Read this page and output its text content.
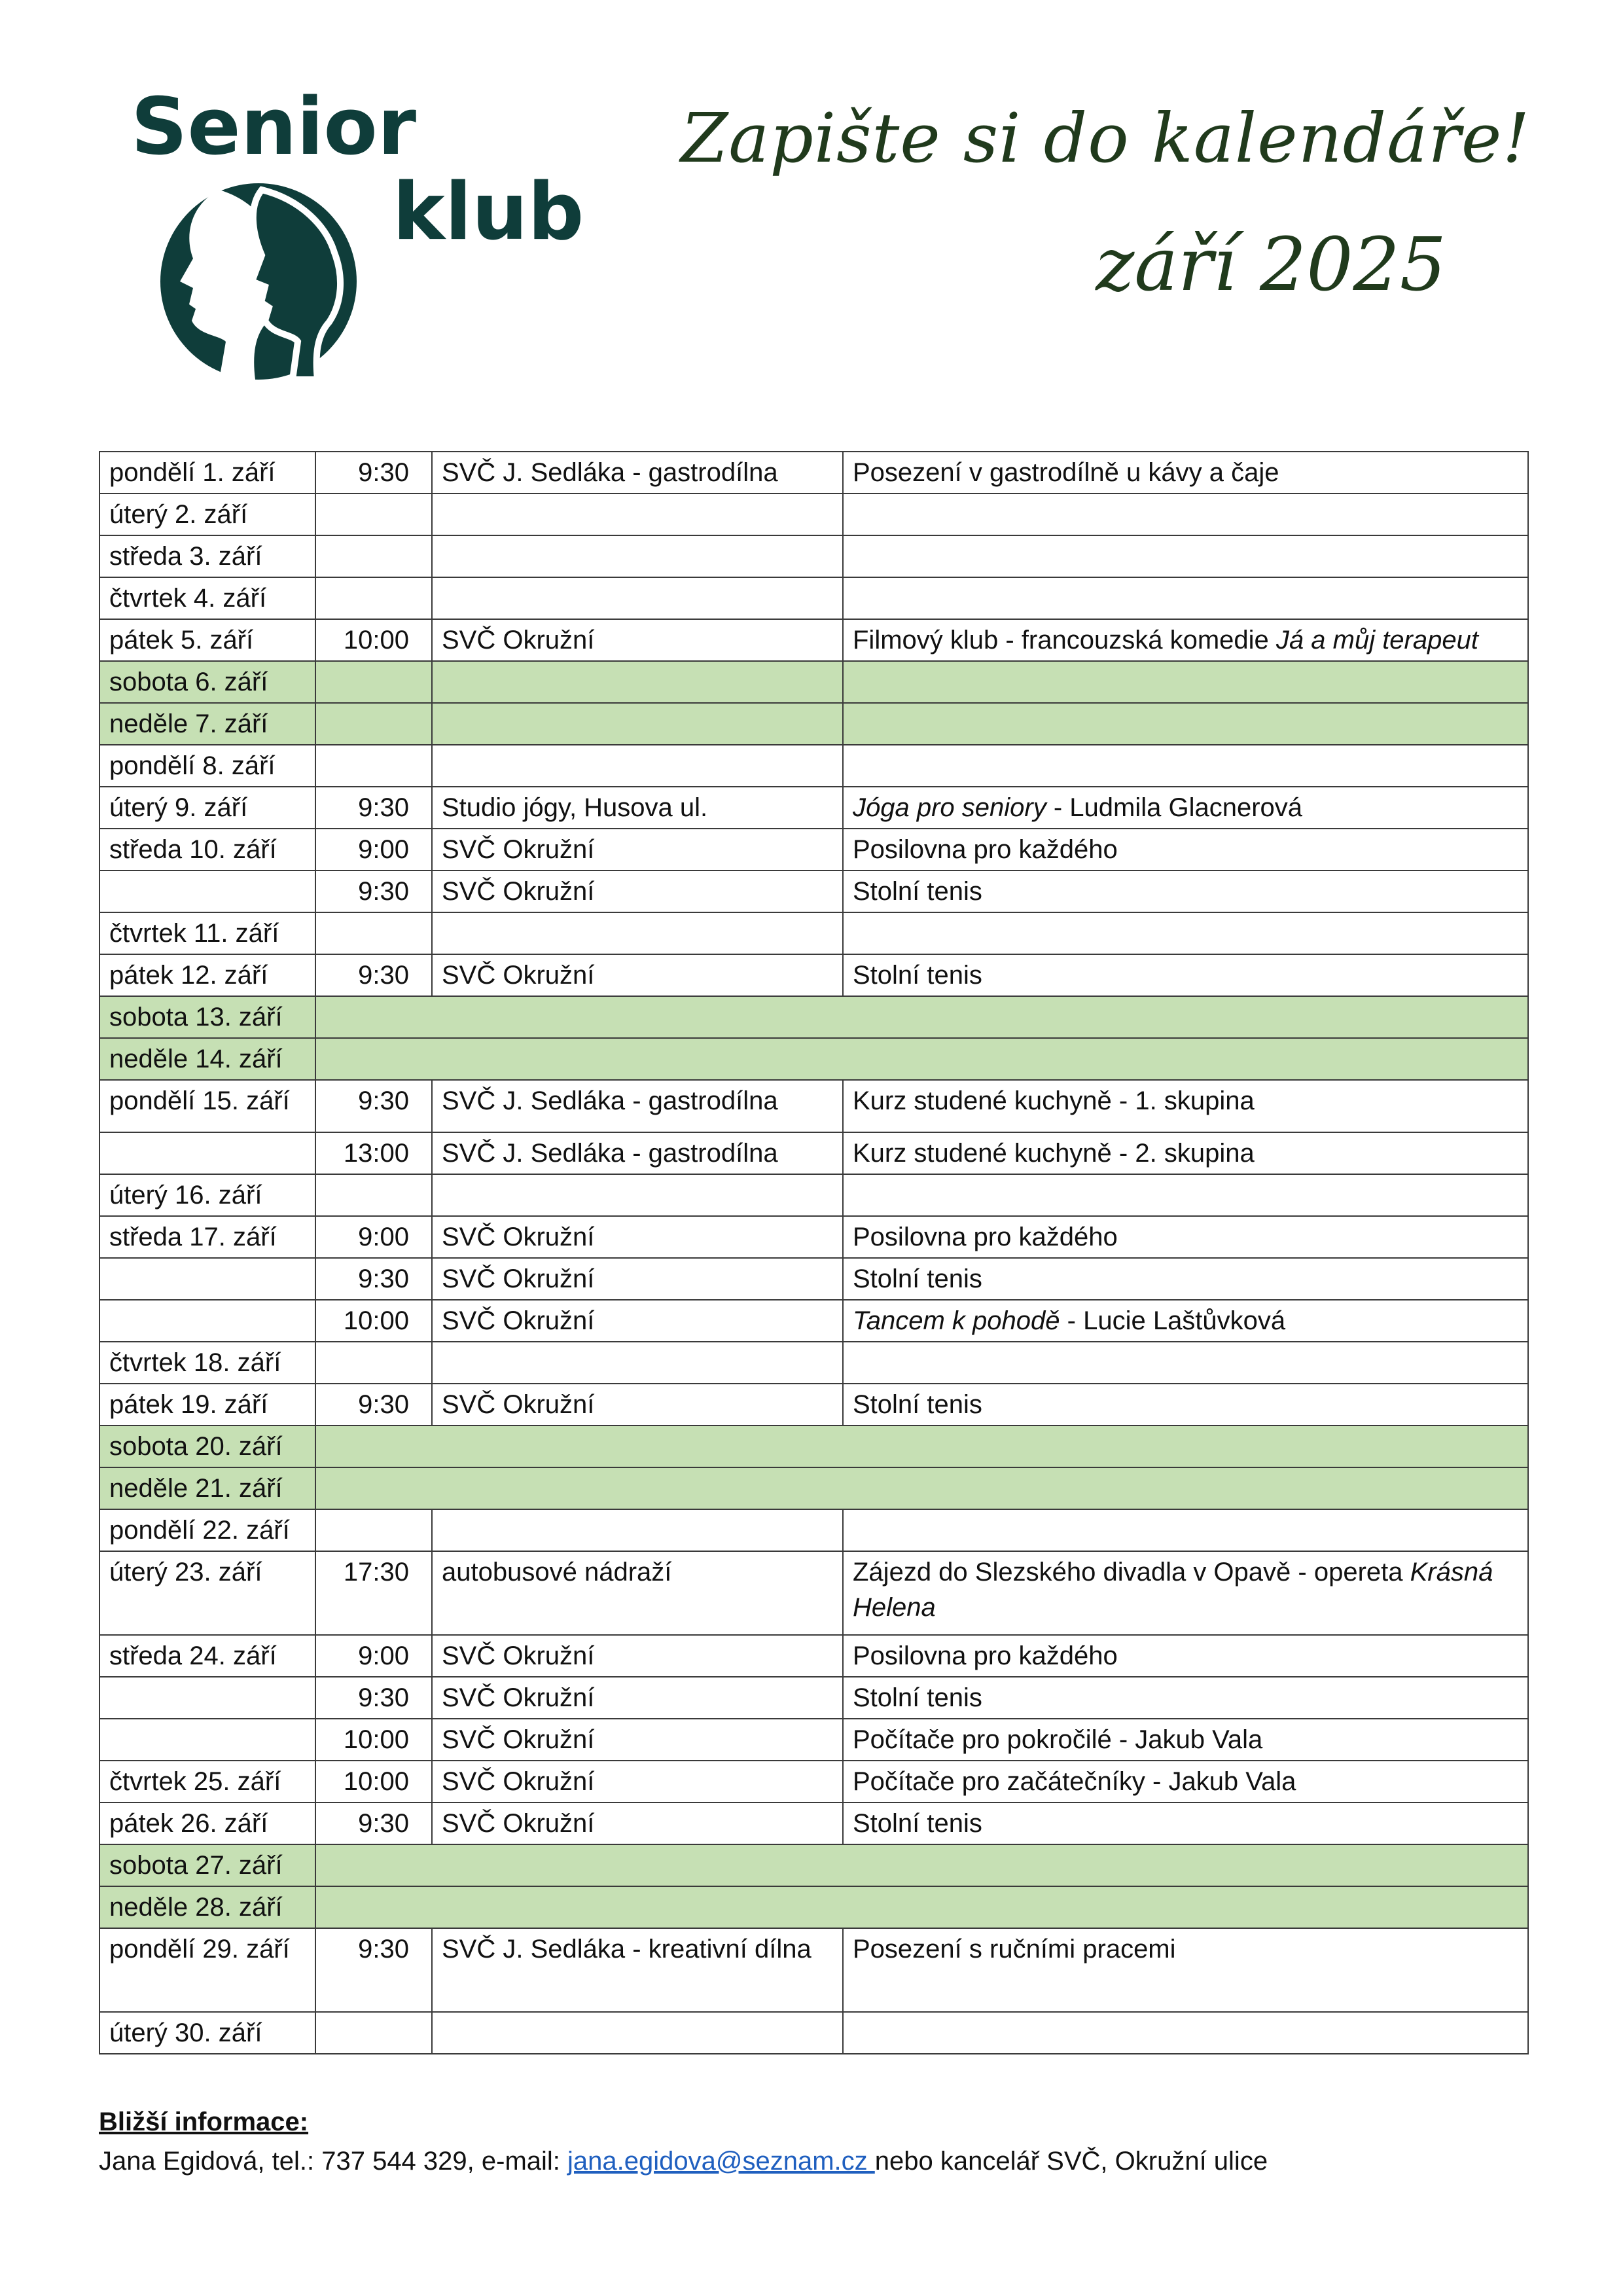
Senior
klub
Zapište si do kalendáře!
září 2025
pondělí 1. září	9:30	SVČ J. Sedláka - gastrodílna	Posezení v gastrodílně u kávy a čaje
úterý 2. září			
středa 3. září			
čtvrtek 4. září			
pátek 5. září	10:00	SVČ Okružní	Filmový klub - francouzská komedie Já a můj terapeut
sobota 6. září			
neděle 7. září			
pondělí 8. září			
úterý 9. září	9:30	Studio jógy, Husova ul.	Jóga pro seniory - Ludmila Glacnerová
středa 10. září	9:00	SVČ Okružní	Posilovna pro každého
	9:30	SVČ Okružní	Stolní tenis
čtvrtek 11. září			
pátek 12. září	9:30	SVČ Okružní	Stolní tenis
sobota 13. září			
neděle 14. září			
pondělí 15. září	9:30	SVČ J. Sedláka - gastrodílna	Kurz studené kuchyně - 1. skupina
	13:00	SVČ J. Sedláka - gastrodílna	Kurz studené kuchyně - 2. skupina
úterý 16. září			
středa 17. září	9:00	SVČ Okružní	Posilovna pro každého
	9:30	SVČ Okružní	Stolní tenis
	10:00	SVČ Okružní	Tancem k pohodě - Lucie Laštůvková
čtvrtek 18. září			
pátek 19. září	9:30	SVČ Okružní	Stolní tenis
sobota 20. září			
neděle 21. září			
pondělí 22. září			
úterý 23. září	17:30	autobusové nádraží	Zájezd do Slezského divadla v Opavě - opereta Krásná Helena
středa 24. září	9:00	SVČ Okružní	Posilovna pro každého
	9:30	SVČ Okružní	Stolní tenis
	10:00	SVČ Okružní	Počítače pro pokročilé - Jakub Vala
čtvrtek 25. září	10:00	SVČ Okružní	Počítače pro začátečníky - Jakub Vala
pátek 26. září	9:30	SVČ Okružní	Stolní tenis
sobota 27. září			
neděle 28. září			
pondělí 29. září	9:30	SVČ J. Sedláka - kreativní dílna	Posezení s ručními pracemi
úterý 30. září			
Bližší informace:
Jana Egidová, tel.: 737 544 329, e-mail: jana.egidova@seznam.cz nebo kancelář SVČ, Okružní ulice
